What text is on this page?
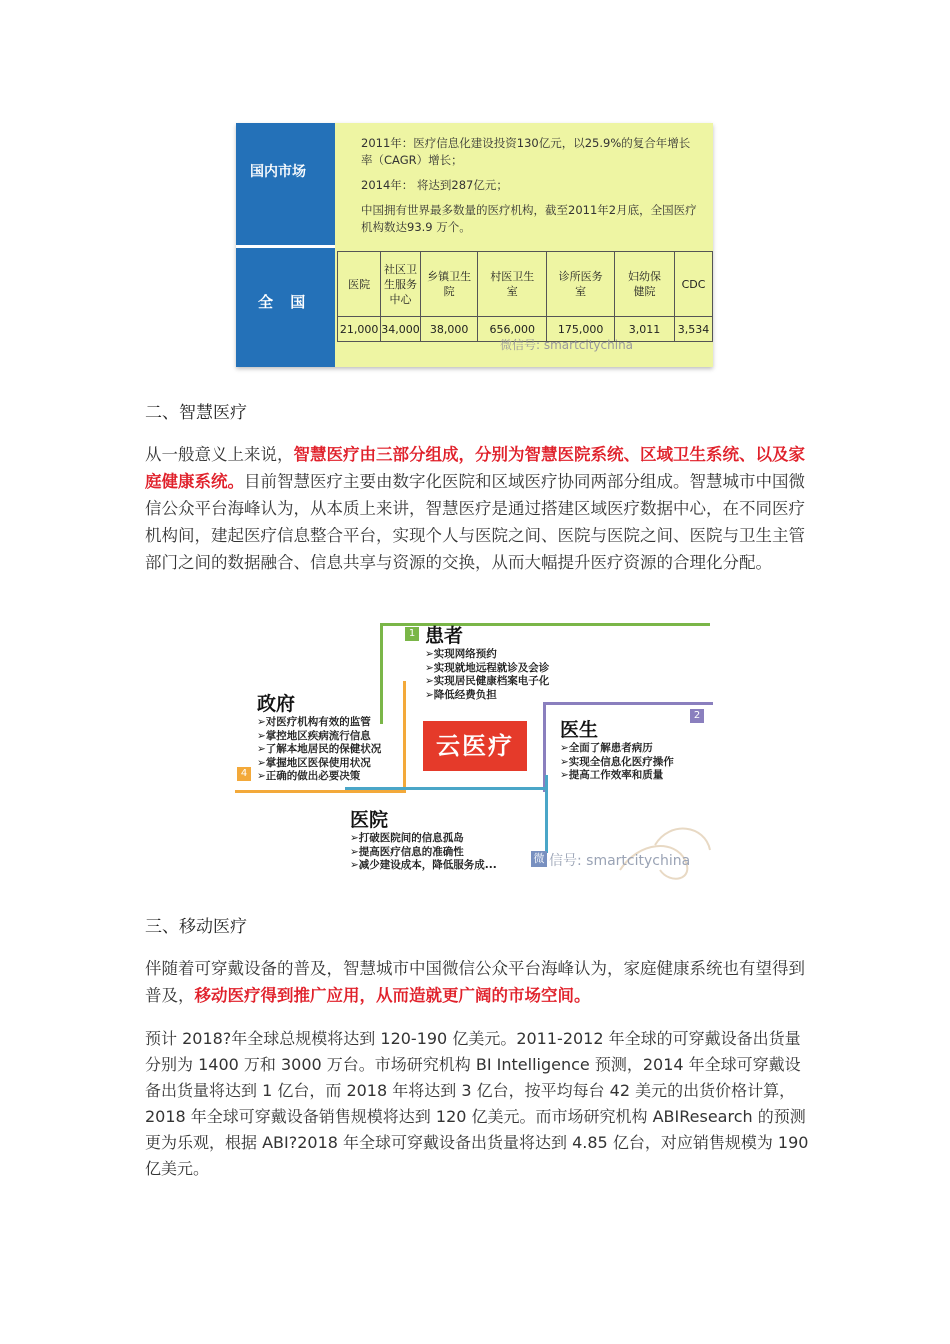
国内市场
全 国

2011年：医疗信息化建设投资130亿元，以25.9%的复合年增长率（CAGR）增长；

2014年： 将达到287亿元；

中国拥有世界最多数量的医疗机构，截至2011年2月底，全国医疗机构数达93.9 万个。

医院	社区卫生服务中心	乡镇卫生院	村医卫生室	诊所医务室	妇幼保健院	CDC
21,000	34,000	38,000	656,000	175,000	3,011	3,534
微信号: smartcitychina
二、智慧医疗
从一般意义上来说，智慧医疗由三部分组成，分别为智慧医院系统、区域卫生系统、以及家庭健康系统。目前智慧医疗主要由数字化医院和区域医疗协同两部分组成。智慧城市中国微信公众平台海峰认为，从本质上来讲，智慧医疗是通过搭建区域医疗数据中心，在不同医疗机构间，建起医疗信息整合平台，实现个人与医院之间、医院与医院之间、医院与卫生主管部门之间的数据融合、信息共享与资源的交换，从而大幅提升医疗资源的合理化分配。
云医疗
1 患者
➢实现网络预约
➢实现就地远程就诊及会诊
➢实现居民健康档案电子化
➢降低经费负担
2
医生
➢全面了解患者病历
➢实现全信息化医疗操作
➢提高工作效率和质量
4
政府
➢对医疗机构有效的监管
➢掌控地区疾病流行信息
➢了解本地居民的保健状况
➢掌握地区医保使用状况
➢正确的做出必要决策
医院
➢打破医院间的信息孤岛
➢提高医疗信息的准确性
➢减少建设成本，降低服务成...	微 信号: smartcitychina
三、移动医疗
伴随着可穿戴设备的普及，智慧城市中国微信公众平台海峰认为，家庭健康系统也有望得到普及，移动医疗得到推广应用，从而造就更广阔的市场空间。
预计 2018?年全球总规模将达到 120-190 亿美元。2011-2012 年全球的可穿戴设备出货量分别为 1400 万和 3000 万台。市场研究机构 BI Intelligence 预测，2014 年全球可穿戴设备出货量将达到 1 亿台，而 2018 年将达到 3 亿台，按平均每台 42 美元的出货价格计算，2018 年全球可穿戴设备销售规模将达到 120 亿美元。而市场研究机构 ABIResearch 的预测更为乐观，根据 ABI?2018 年全球可穿戴设备出货量将达到 4.85 亿台，对应销售规模为 190 亿美元。
